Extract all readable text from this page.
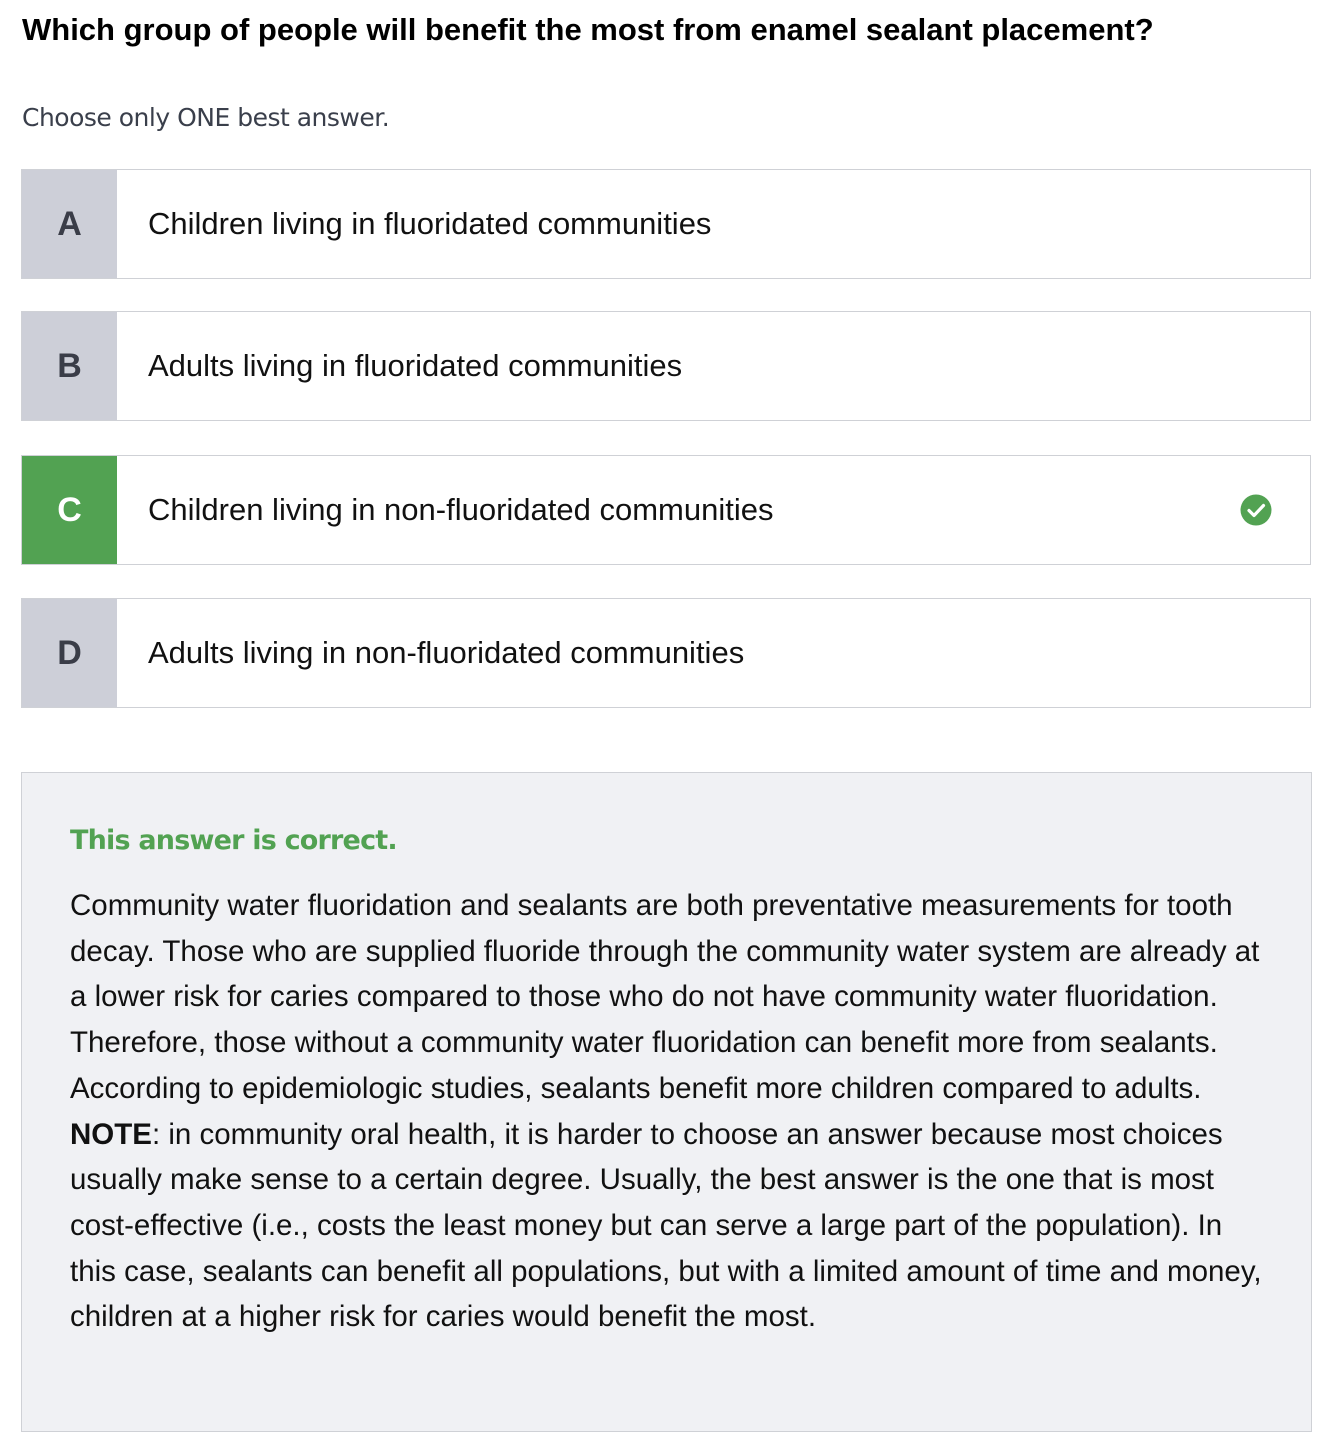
Which group of people will benefit the most from enamel sealant placement?
Choose only ONE best answer.
A	Children living in fluoridated communities
B	Adults living in fluoridated communities
C	Children living in non-fluoridated communities
D	Adults living in non-fluoridated communities
This answer is correct.

Community water fluoridation and sealants are both preventative measurements for tooth decay. Those who are supplied fluoride through the community water system are already at a lower risk for caries compared to those who do not have community water fluoridation. Therefore, those without a community water fluoridation can benefit more from sealants. According to epidemiologic studies, sealants benefit more children compared to adults.
NOTE: in community oral health, it is harder to choose an answer because most choices usually make sense to a certain degree. Usually, the best answer is the one that is most cost-effective (i.e., costs the least money but can serve a large part of the population). In this case, sealants can benefit all populations, but with a limited amount of time and money, children at a higher risk for caries would benefit the most.
